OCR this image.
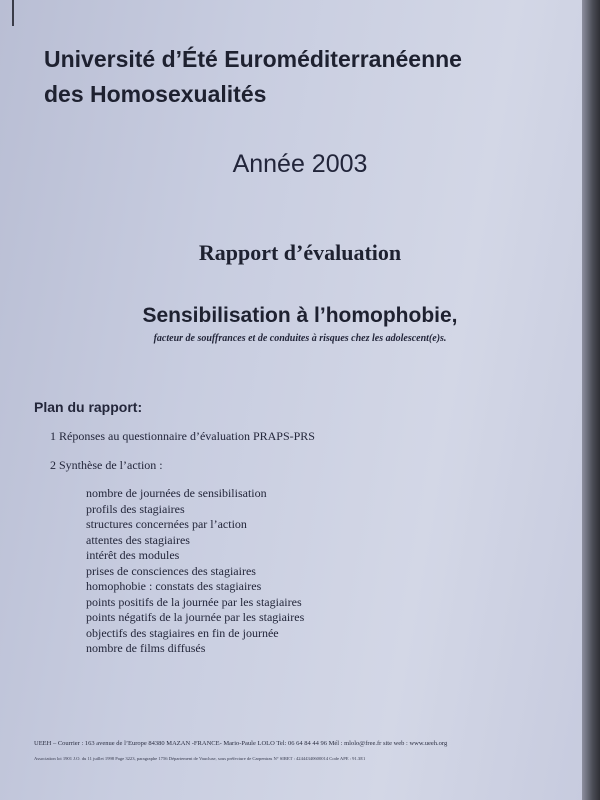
Université d’Été Euroméditerranéenne
des Homosexualités
Année 2003
Rapport d’évaluation
Sensibilisation à l’homophobie,
facteur de souffrances et de conduites à risques chez les adolescent(e)s.
Plan du rapport:
1 Réponses au questionnaire d’évaluation PRAPS-PRS
2 Synthèse de l’action :
nombre de journées de sensibilisation
profils des stagiaires
structures concernées par l’action
attentes des stagiaires
intérêt des modules
prises de consciences des stagiaires
homophobie : constats des stagiaires
points positifs de la journée par les stagiaires
points négatifs de la journée par les stagiaires
objectifs des stagiaires en fin de journée
nombre de films diffusés
UEEH – Courrier : 163 avenue de l’Europe 84380 MAZAN -FRANCE- Mario-Paule LOLO Tel: 06 64 84 44 96 Mél : mlolo@free.fr site web : www.ueeh.org
Association loi 1901 J.O. du 11 juillet 1998 Page 3223, paragraphe 1756 Département de Vaucluse, sous préfecture de Carpentras N° SIRET : 42444340600014 Code APE : 91.3E1
